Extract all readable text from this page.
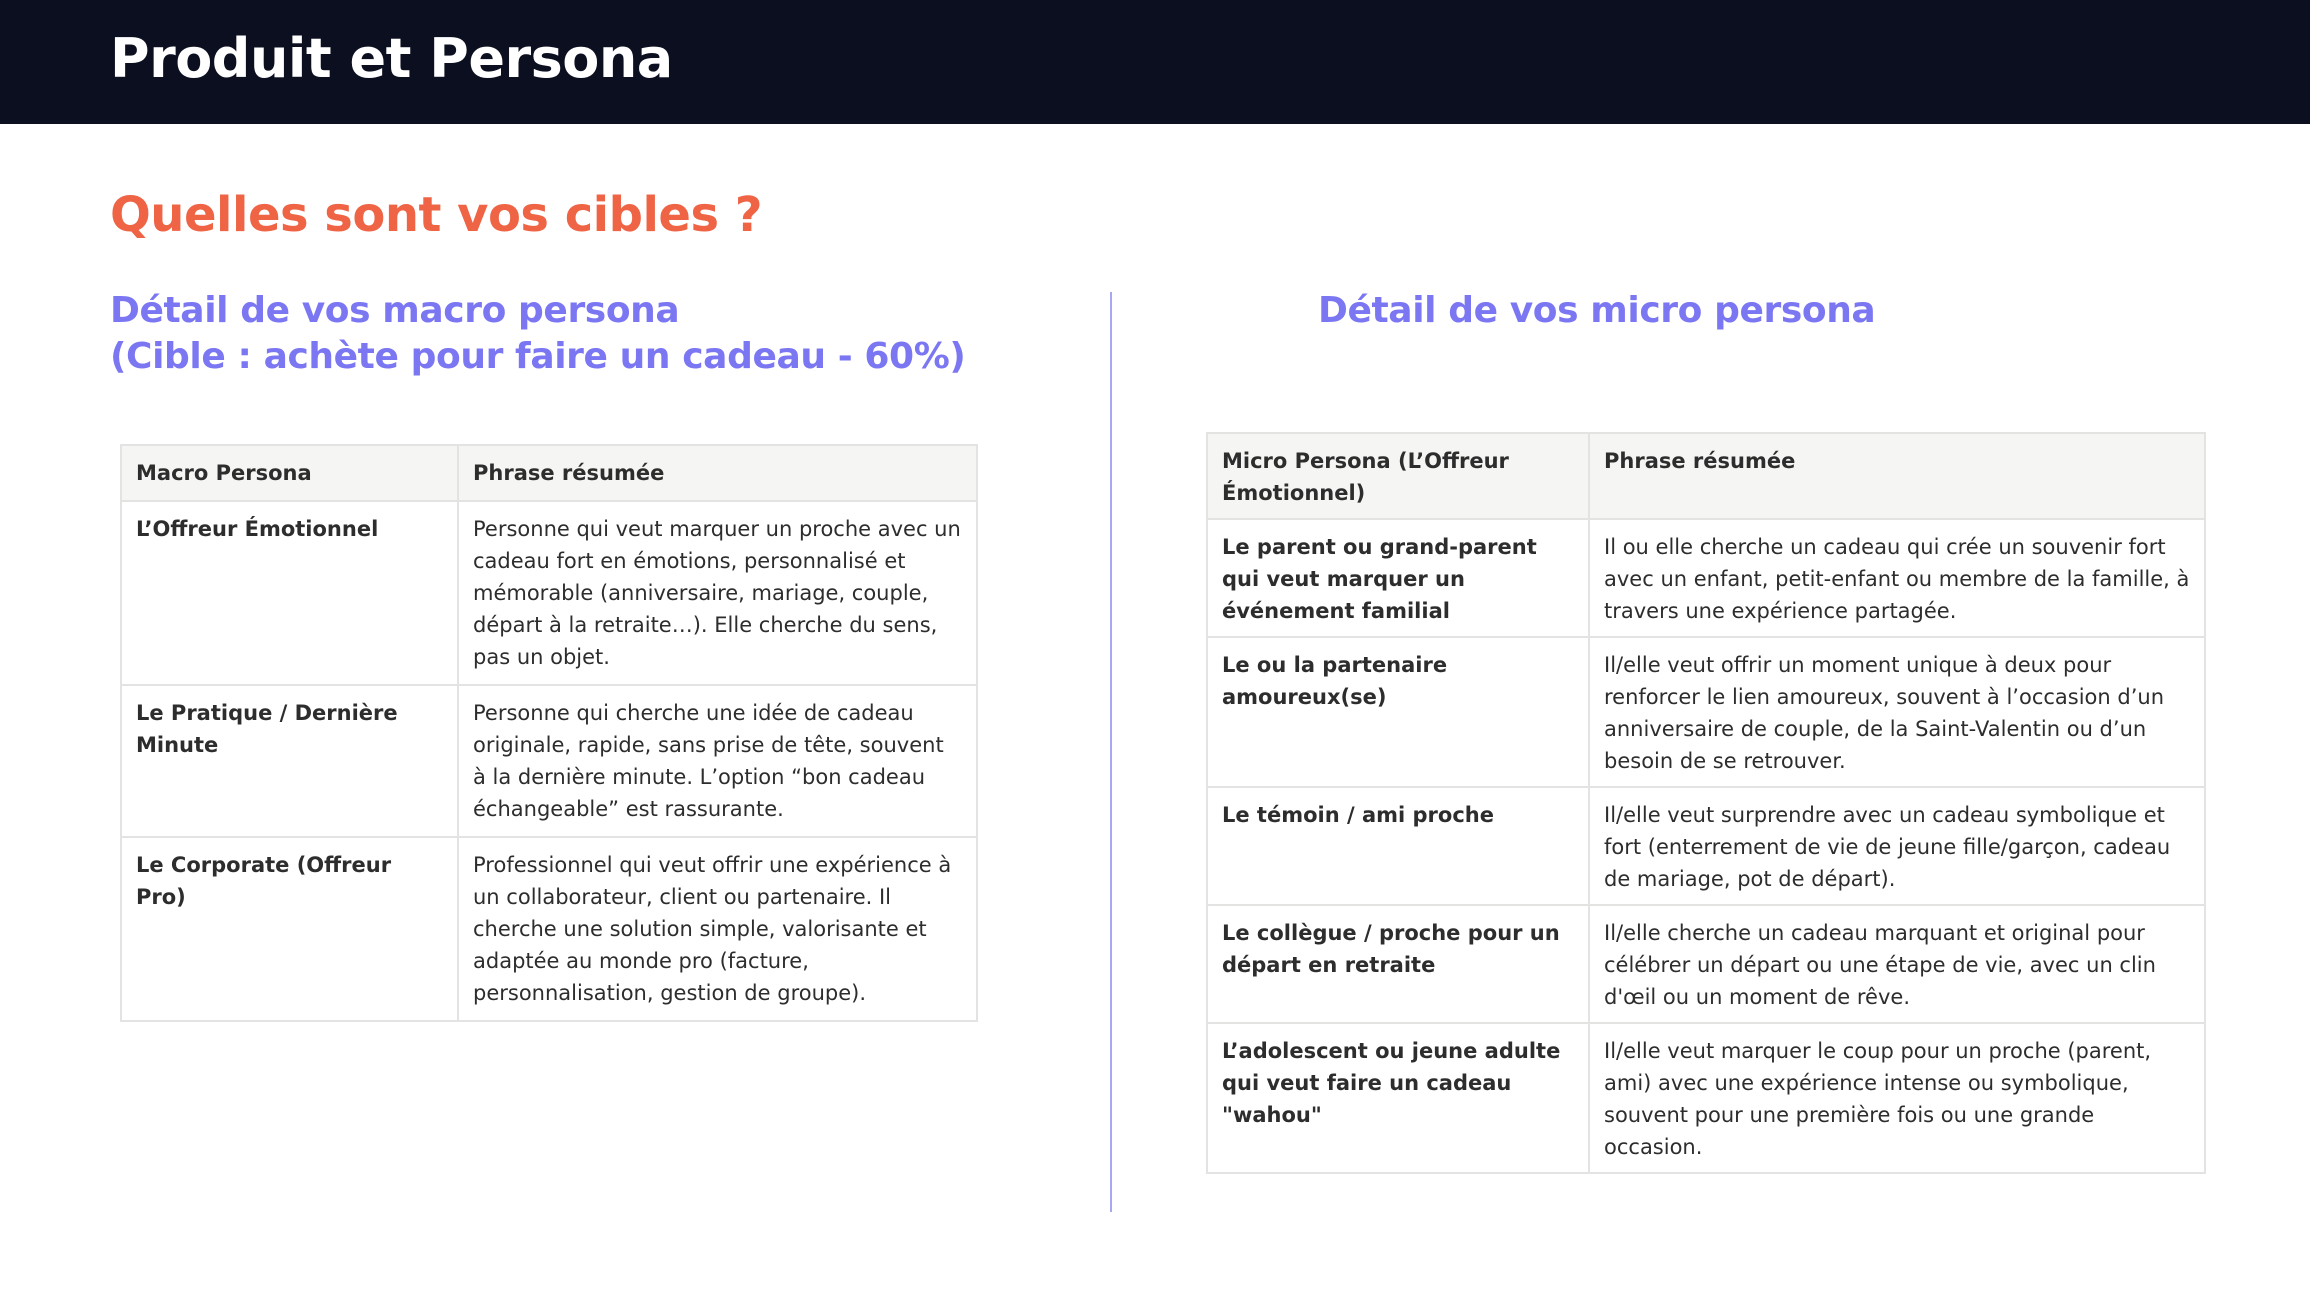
Produit et Persona
Quelles sont vos cibles ?
Détail de vos macro persona
(Cible : achète pour faire un cadeau - 60%)
Détail de vos micro persona
Macro Persona	Phrase résumée
L’Offreur Émotionnel	Personne qui veut marquer un proche avec un cadeau fort en émotions, personnalisé et mémorable (anniversaire, mariage, couple, départ à la retraite…). Elle cherche du sens, pas un objet.
Le Pratique / Dernière Minute	Personne qui cherche une idée de cadeau originale, rapide, sans prise de tête, souvent à la dernière minute. L’option “bon cadeau échangeable” est rassurante.
Le Corporate (Offreur Pro)	Professionnel qui veut offrir une expérience à un collaborateur, client ou partenaire. Il cherche une solution simple, valorisante et adaptée au monde pro (facture, personnalisation, gestion de groupe).
Micro Persona (L’Offreur Émotionnel)	Phrase résumée
Le parent ou grand-parent qui veut marquer un événement familial	Il ou elle cherche un cadeau qui crée un souvenir fort avec un enfant, petit-enfant ou membre de la famille, à travers une expérience partagée.
Le ou la partenaire amoureux(se)	Il/elle veut offrir un moment unique à deux pour renforcer le lien amoureux, souvent à l’occasion d’un anniversaire de couple, de la Saint-Valentin ou d’un besoin de se retrouver.
Le témoin / ami proche	Il/elle veut surprendre avec un cadeau symbolique et fort (enterrement de vie de jeune fille/garçon, cadeau de mariage, pot de départ).
Le collègue / proche pour un départ en retraite	Il/elle cherche un cadeau marquant et original pour célébrer un départ ou une étape de vie, avec un clin d'œil ou un moment de rêve.
L’adolescent ou jeune adulte qui veut faire un cadeau "wahou"	Il/elle veut marquer le coup pour un proche (parent, ami) avec une expérience intense ou symbolique, souvent pour une première fois ou une grande occasion.
